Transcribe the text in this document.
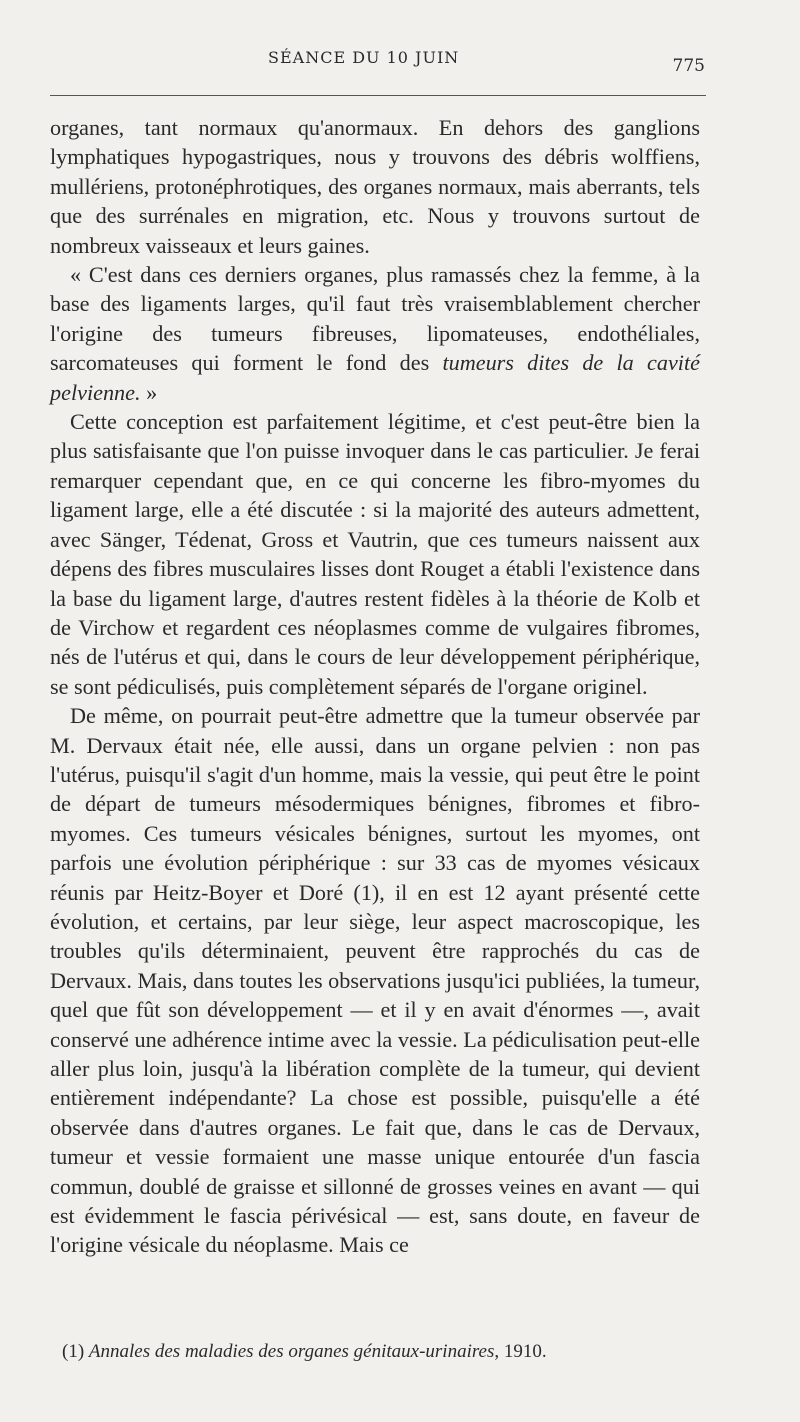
SÉANCE DU 10 JUIN	775

organes, tant normaux qu'anormaux. En dehors des ganglions lymphatiques hypogastriques, nous y trouvons des débris wolffiens, mullériens, protonéphrotiques, des organes normaux, mais aberrants, tels que des surrénales en migration, etc. Nous y trouvons surtout de nombreux vaisseaux et leurs gaines.

« C'est dans ces derniers organes, plus ramassés chez la femme, à la base des ligaments larges, qu'il faut très vraisemblablement chercher l'origine des tumeurs fibreuses, lipomateuses, endothéliales, sarcomateuses qui forment le fond des tumeurs dites de la cavité pelvienne. »

Cette conception est parfaitement légitime, et c'est peut-être bien la plus satisfaisante que l'on puisse invoquer dans le cas particulier. Je ferai remarquer cependant que, en ce qui concerne les fibro-myomes du ligament large, elle a été discutée : si la majorité des auteurs admettent, avec Sänger, Tédenat, Gross et Vautrin, que ces tumeurs naissent aux dépens des fibres musculaires lisses dont Rouget a établi l'existence dans la base du ligament large, d'autres restent fidèles à la théorie de Kolb et de Virchow et regardent ces néoplasmes comme de vulgaires fibromes, nés de l'utérus et qui, dans le cours de leur développement périphérique, se sont pédiculisés, puis complètement séparés de l'organe originel.

De même, on pourrait peut-être admettre que la tumeur observée par M. Dervaux était née, elle aussi, dans un organe pelvien : non pas l'utérus, puisqu'il s'agit d'un homme, mais la vessie, qui peut être le point de départ de tumeurs mésodermiques bénignes, fibromes et fibro-myomes. Ces tumeurs vésicales bénignes, surtout les myomes, ont parfois une évolution périphérique : sur 33 cas de myomes vésicaux réunis par Heitz-Boyer et Doré (1), il en est 12 ayant présenté cette évolution, et certains, par leur siège, leur aspect macroscopique, les troubles qu'ils déterminaient, peuvent être rapprochés du cas de Dervaux. Mais, dans toutes les observations jusqu'ici publiées, la tumeur, quel que fût son développement — et il y en avait d'énormes —, avait conservé une adhérence intime avec la vessie. La pédiculisation peut-elle aller plus loin, jusqu'à la libération complète de la tumeur, qui devient entièrement indépendante? La chose est possible, puisqu'elle a été observée dans d'autres organes. Le fait que, dans le cas de Dervaux, tumeur et vessie formaient une masse unique entourée d'un fascia commun, doublé de graisse et sillonné de grosses veines en avant — qui est évidemment le fascia périvésical — est, sans doute, en faveur de l'origine vésicale du néoplasme. Mais ce

(1) Annales des maladies des organes génitaux-urinaires, 1910.
